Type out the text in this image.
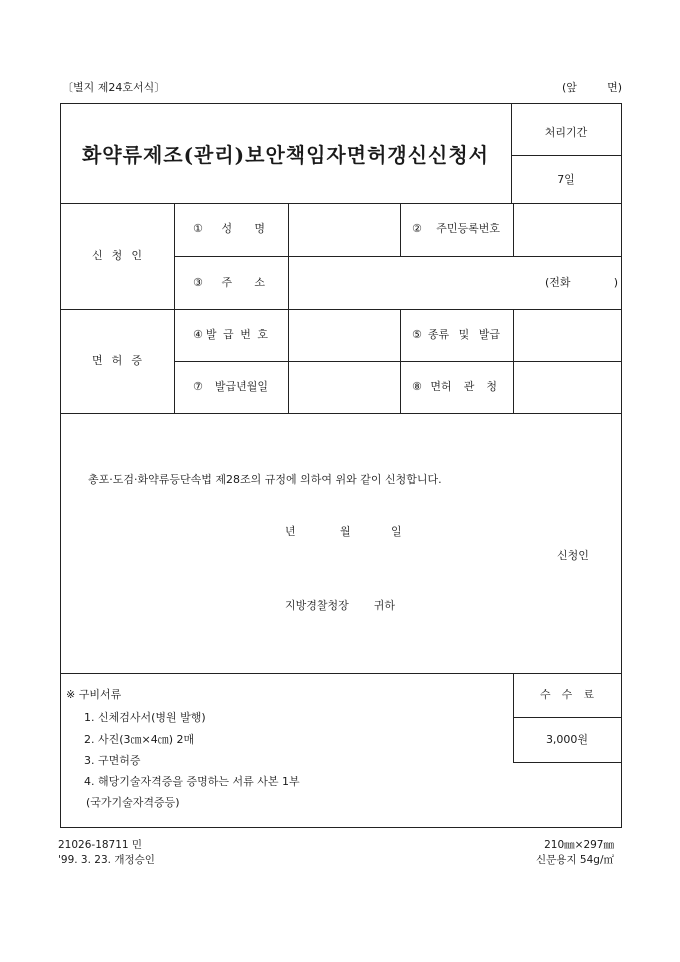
〔별지 제24호서식〕	(앞 면)
화약류제조(관리)보안책임자면허갱신신청서
처리기간
7일
신 청 인
①성 명	②주민등록번호
③주 소	(전화 )
면 허 증
④발 급 번 호	⑤종류 및 발급
⑦발급년월일	⑧면허 관 청
총포·도검·화약류등단속법 제28조의 규정에 의하여 위와 같이 신청합니다.
년	월	일
신청인
지방경찰청장 귀하
※ 구비서류
1. 신체검사서(병원 발행)
2. 사진(3㎝×4㎝) 2매
3. 구면허증
4. 해당기술자격증을 증명하는 서류 사본 1부
(국가기술자격증등)
수 수 료
3,000원
21026-18711 민
'99. 3. 23. 개정승인
210㎜×297㎜
신문용지 54g/㎡
